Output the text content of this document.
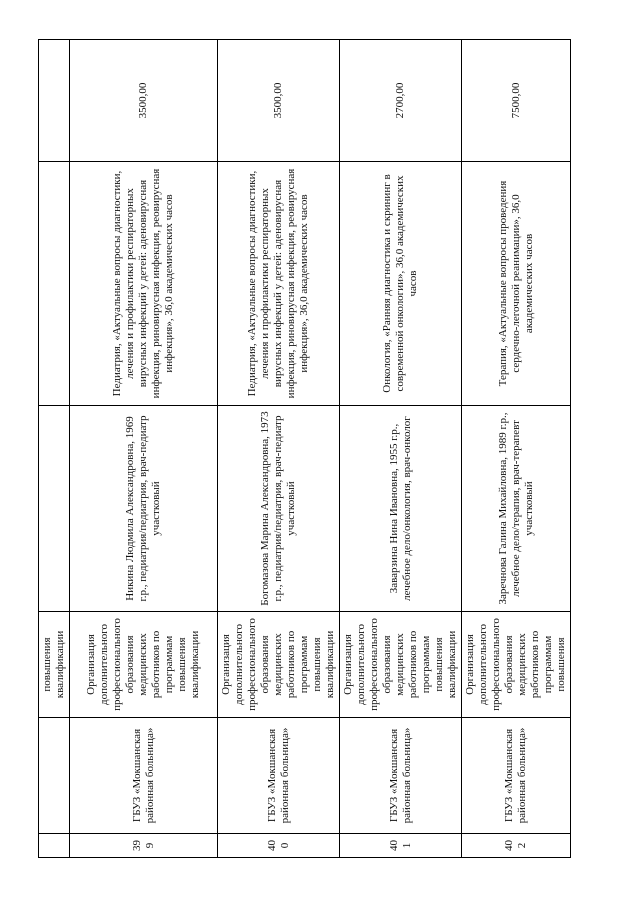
		повышения квалификации			
399	ГБУЗ «Мокшанская районная больница»	Организация дополнительного профессионального образования медицинских работников по программам повышения квалификации	Никина Людмила Александровна, 1969 г.р., педиатрия/педиатрия, врач-педиатр участковый	Педиатрия, «Актуальные вопросы диагностики, лечения и профилактики респираторных вирусных инфекций у детей: аденовирусная инфекция, риновирусная инфекция, реовирусная инфекция», 36,0 академических часов	3500,00
400	ГБУЗ «Мокшанская районная больница»	Организация дополнительного профессионального образования медицинских работников по программам повышения квалификации	Богомазова Марина Александровна, 1973 г.р., педиатрия/педиатрия, врач-педиатр участковый	Педиатрия, «Актуальные вопросы диагностики, лечения и профилактики респираторных вирусных инфекций у детей: аденовирусная инфекция, риновирусная инфекция, реовирусная инфекция», 36,0 академических часов	3500,00
401	ГБУЗ «Мокшанская районная больница»	Организация дополнительного профессионального образования медицинских работников по программам повышения квалификации	Заварзина Нина Ивановна, 1955 г.р., лечебное дело/онкология, врач-онколог	Онкология, «Ранняя диагностика и скрининг в современной онкологии», 36,0 академических часов	2700,00
402	ГБУЗ «Мокшанская районная больница»	Организация дополнительного профессионального образования медицинских работников по программам повышения	Заречнова Галина Михайловна, 1989 г.р., лечебное дело/терапия, врач-терапевт участковый	Терапия, «Актуальные вопросы проведения сердечно-легочной реанимации», 36,0 академических часов	7500,00
